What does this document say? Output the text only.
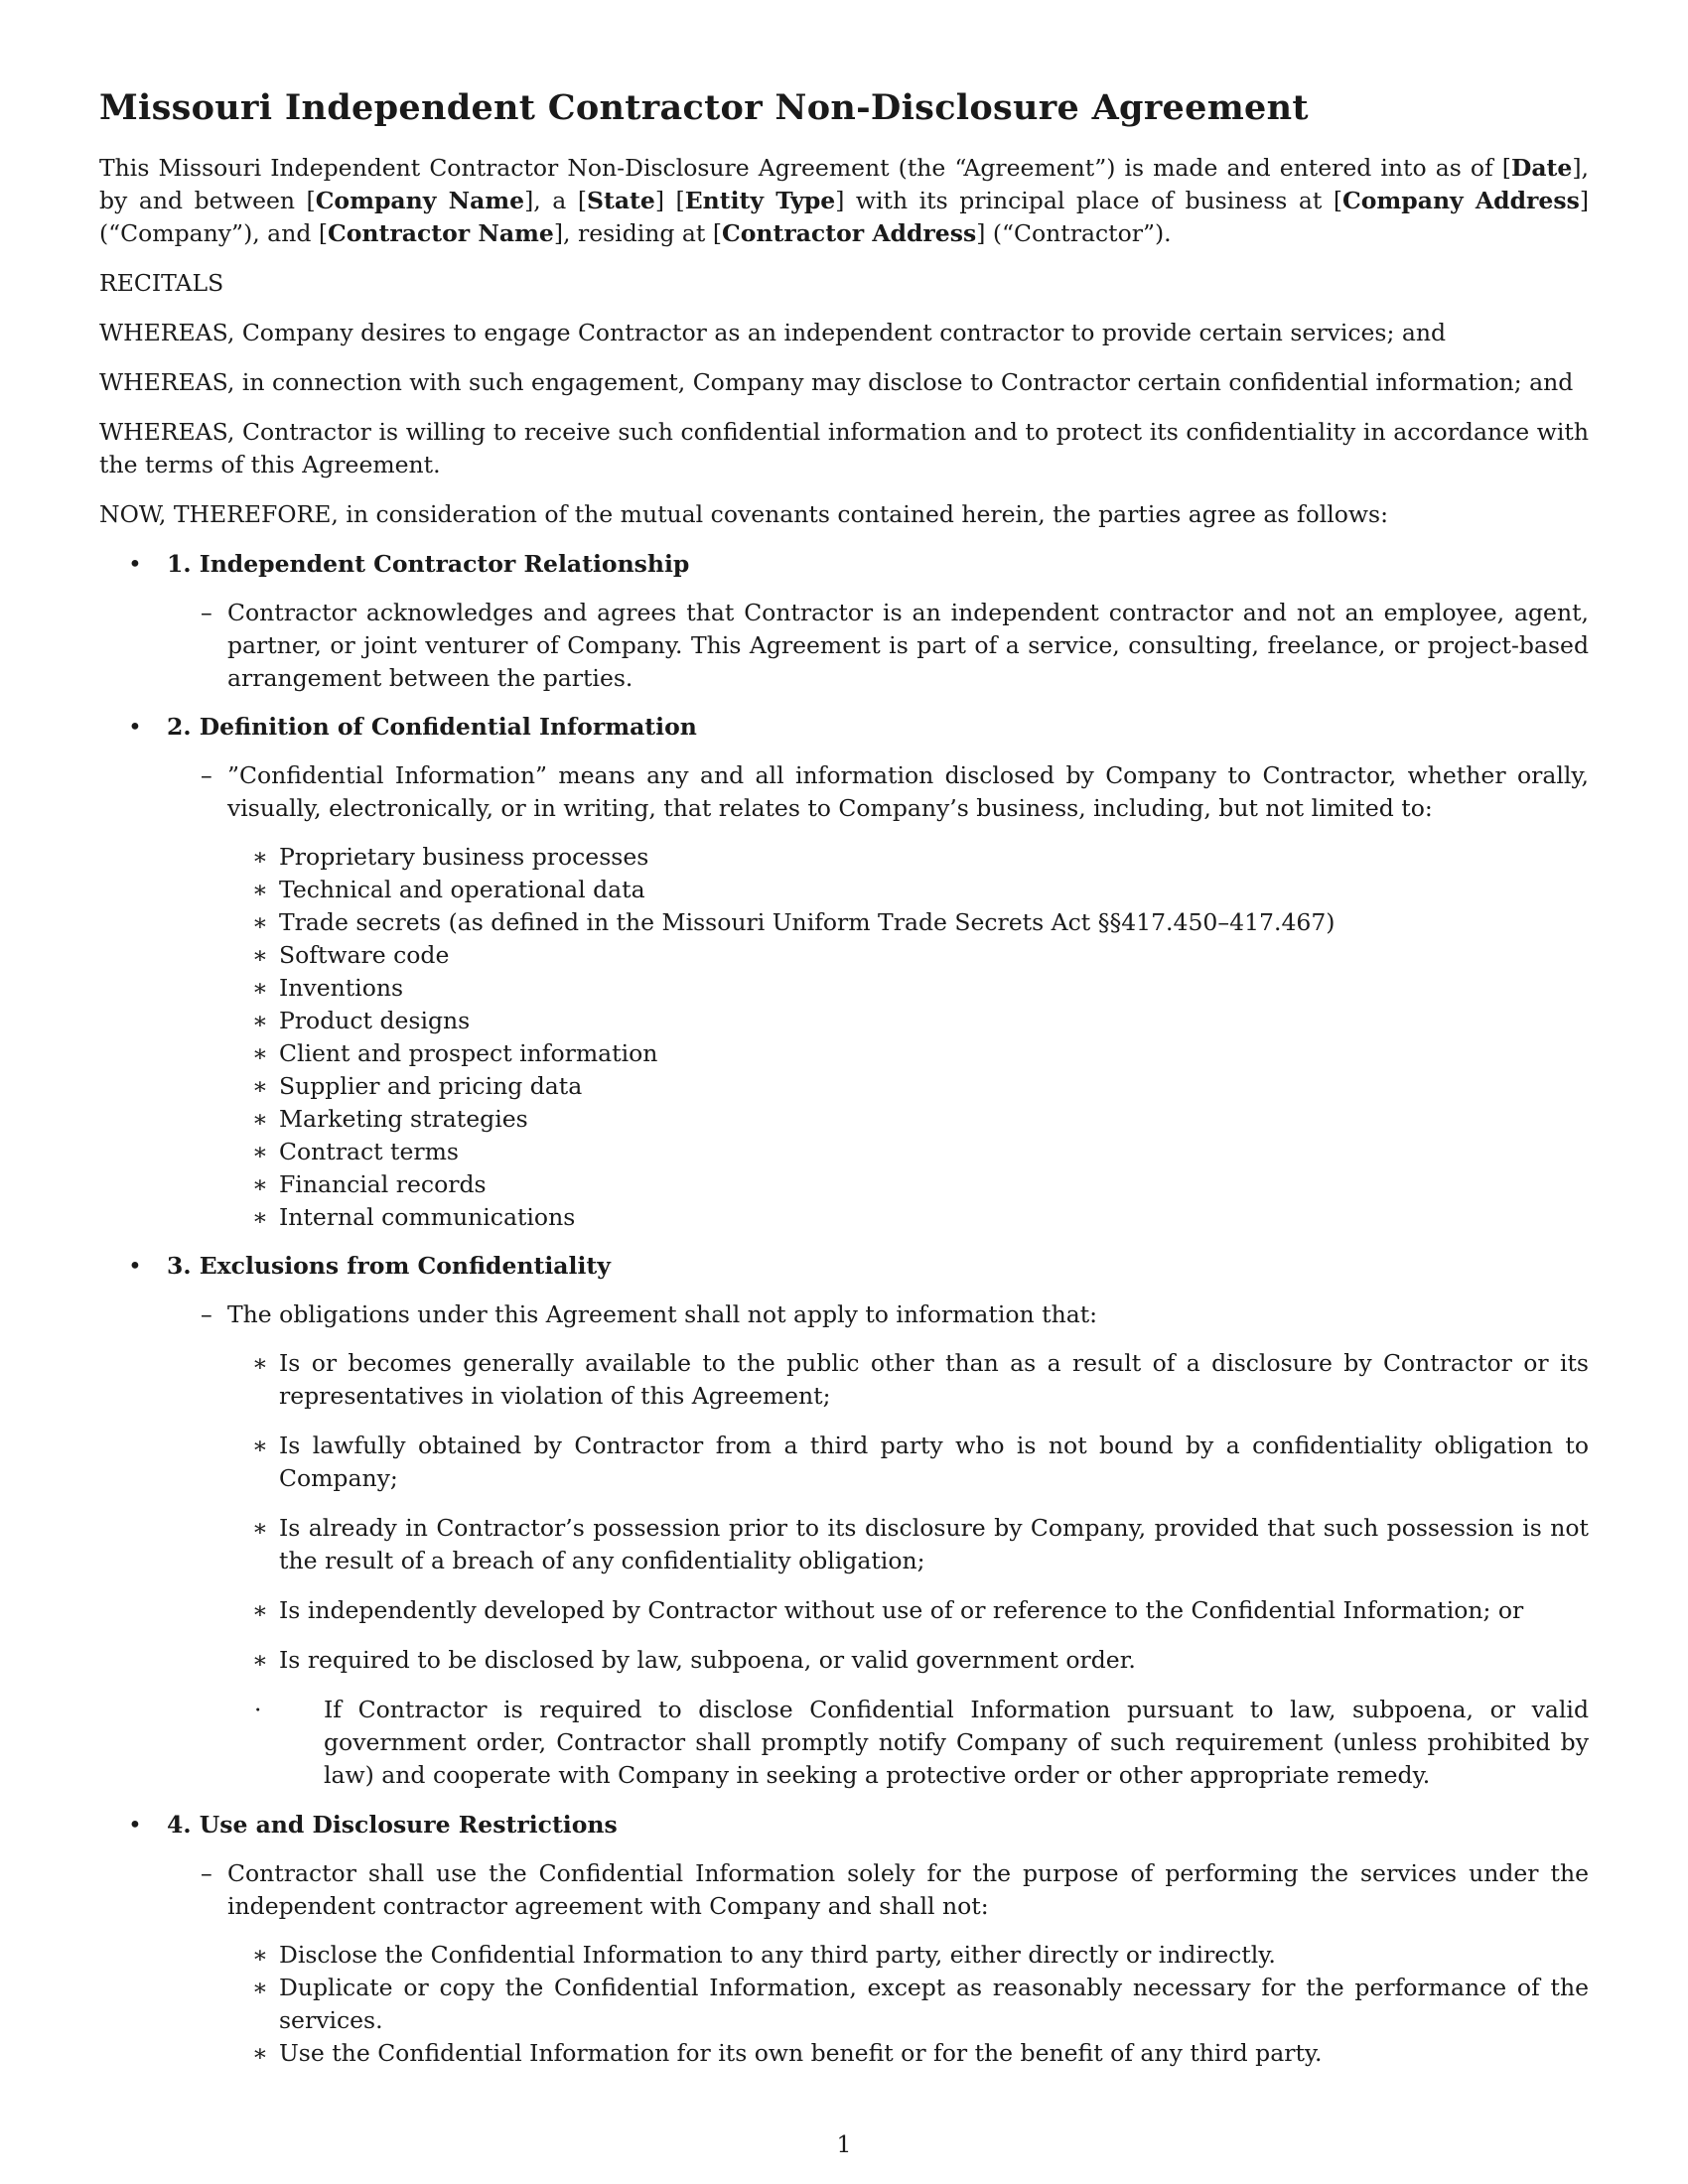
Missouri Independent Contractor Non-Disclosure Agreement

This Missouri Independent Contractor Non-Disclosure Agreement (the “Agreement”) is made and entered into as of [Date], by and between [Company Name], a [State] [Entity Type] with its principal place of business at [Company Address] (“Company”), and [Contractor Name], residing at [Contractor Address] (“Contractor”).

RECITALS

WHEREAS, Company desires to engage Contractor as an independent contractor to provide certain services; and

WHEREAS, in connection with such engagement, Company may disclose to Contractor certain confidential information; and

WHEREAS, Contractor is willing to receive such confidential information and to protect its confidentiality in accordance with the terms of this Agreement.

NOW, THEREFORE, in consideration of the mutual covenants contained herein, the parties agree as follows:

• 1. Independent Contractor Relationship
– Contractor acknowledges and agrees that Contractor is an independent contractor and not an employee, agent, partner, or joint venturer of Company. This Agreement is part of a service, consulting, freelance, or project-based arrangement between the parties.
• 2. Definition of Confidential Information
– ”Confidential Information” means any and all information disclosed by Company to Contractor, whether orally, visually, electronically, or in writing, that relates to Company’s business, including, but not limited to:
∗ Proprietary business processes
∗ Technical and operational data
∗ Trade secrets (as defined in the Missouri Uniform Trade Secrets Act §§417.450–417.467)
∗ Software code
∗ Inventions
∗ Product designs
∗ Client and prospect information
∗ Supplier and pricing data
∗ Marketing strategies
∗ Contract terms
∗ Financial records
∗ Internal communications
• 3. Exclusions from Confidentiality
– The obligations under this Agreement shall not apply to information that:
∗ Is or becomes generally available to the public other than as a result of a disclosure by Contractor or its representatives in violation of this Agreement;
∗ Is lawfully obtained by Contractor from a third party who is not bound by a confidentiality obligation to Company;
∗ Is already in Contractor’s possession prior to its disclosure by Company, provided that such possession is not the result of a breach of any confidentiality obligation;
∗ Is independently developed by Contractor without use of or reference to the Confidential Information; or
∗ Is required to be disclosed by law, subpoena, or valid government order.
·	If Contractor is required to disclose Confidential Information pursuant to law, subpoena, or valid government order, Contractor shall promptly notify Company of such requirement (unless prohibited by law) and cooperate with Company in seeking a protective order or other appropriate remedy.
• 4. Use and Disclosure Restrictions
– Contractor shall use the Confidential Information solely for the purpose of performing the services under the independent contractor agreement with Company and shall not:
∗ Disclose the Confidential Information to any third party, either directly or indirectly.
∗ Duplicate or copy the Confidential Information, except as reasonably necessary for the performance of the services.
∗ Use the Confidential Information for its own benefit or for the benefit of any third party.
1
